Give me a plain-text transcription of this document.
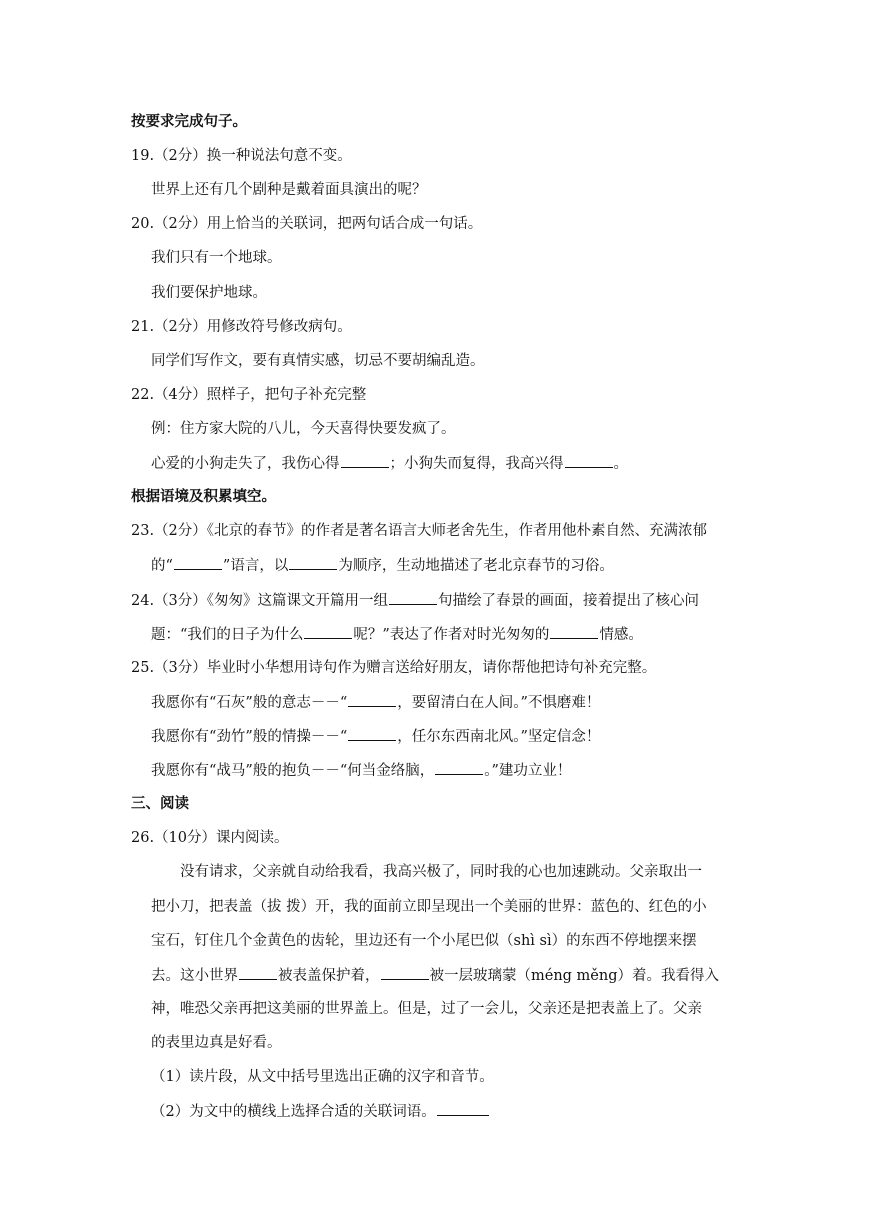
按要求完成句子。
19.（2分）换一种说法句意不变。
世界上还有几个剧种是戴着面具演出的呢？
20.（2分）用上恰当的关联词，把两句话合成一句话。
我们只有一个地球。
我们要保护地球。
21.（2分）用修改符号修改病句。
同学们写作文，要有真情实感，切忌不要胡编乱造。
22.（4分）照样子，把句子补充完整
例：住方家大院的八儿，今天喜得快要发疯了。
心爱的小狗走失了，我伤心得	；小狗失而复得，我高兴得	。
根据语境及积累填空。
23.（2分）《北京的春节》的作者是著名语言大师老舍先生，作者用他朴素自然、充满浓郁
的“	”语言，以	为顺序，生动地描述了老北京春节的习俗。
24.（3分）《匆匆》这篇课文开篇用一组	句描绘了春景的画面，接着提出了核心问
题：“我们的日子为什么	呢？”表达了作者对时光匆匆的	情感。
25.（3分）毕业时小华想用诗句作为赠言送给好朋友，请你帮他把诗句补充完整。
我愿你有“石灰”般的意志－－“	，要留清白在人间。”不惧磨难！
我愿你有“劲竹”般的情操－－“	，任尔东西南北风。”坚定信念！
我愿你有“战马”般的抱负－－“何当金络脑，	。”建功立业！
三、阅读
26.（10分）课内阅读。
没有请求，父亲就自动给我看，我高兴极了，同时我的心也加速跳动。父亲取出一
把小刀，把表盖（拔 拨）开，我的面前立即呈现出一个美丽的世界：蓝色的、红色的小
宝石，钉住几个金黄色的齿轮，里边还有一个小尾巴似（shì sì）的东西不停地摆来摆
去。这小世界	被表盖保护着，	被一层玻璃蒙（méng měng）着。我看得入
神，唯恐父亲再把这美丽的世界盖上。但是，过了一会儿，父亲还是把表盖上了。父亲
的表里边真是好看。
（1）读片段，从文中括号里选出正确的汉字和音节。
（2）为文中的横线上选择合适的关联词语。
